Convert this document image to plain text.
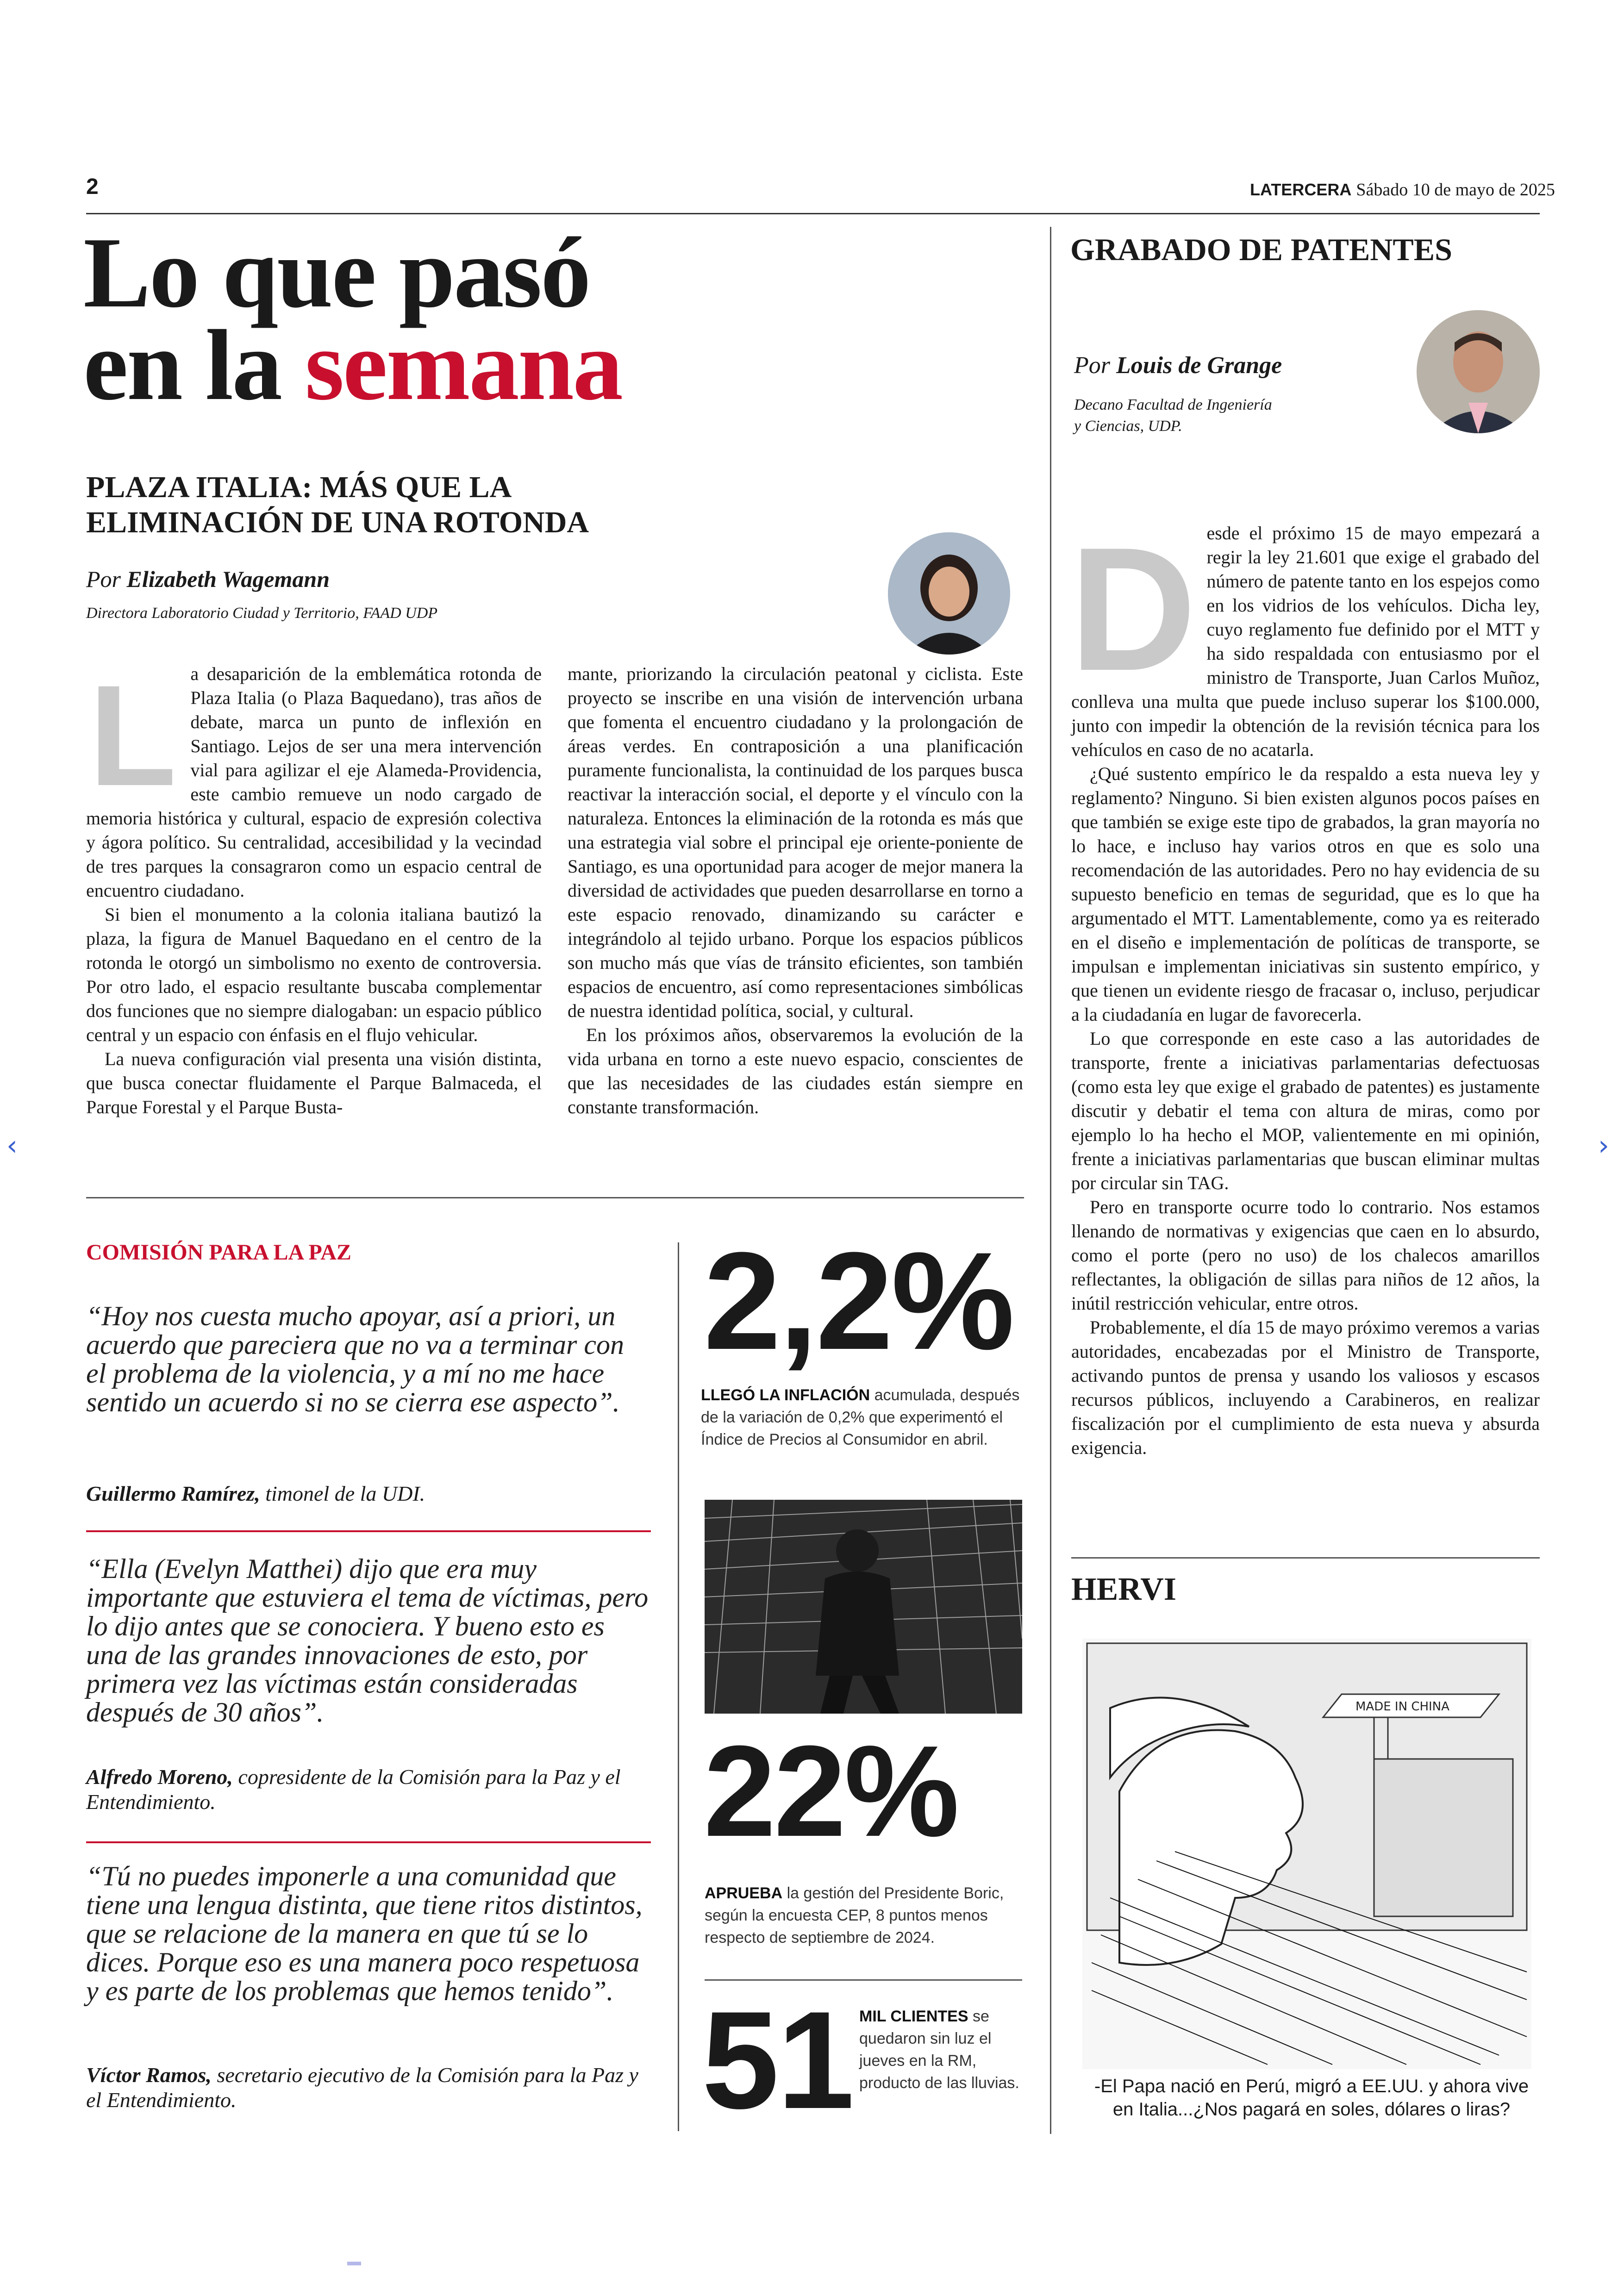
‹	›
2	LATERCERA Sábado 10 de mayo de 2025
Lo que pasó
en la semana
PLAZA ITALIA: MÁS QUE LA
ELIMINACIÓN DE UNA ROTONDA
Por Elizabeth Wagemann
Directora Laboratorio Ciudad y Territorio, FAAD UDP
L a desaparición de la emblemática rotonda de Plaza Italia (o Plaza Baquedano), tras años de debate, marca un punto de inflexión en Santiago. Lejos de ser una mera intervención vial para agilizar el eje Alameda-Providencia, este cambio remueve un nodo cargado de memoria histórica y cultural, espacio de expresión colectiva y ágora político. Su centralidad, accesibilidad y la vecindad de tres parques la consagraron como un espacio central de encuentro ciudadano.

Si bien el monumento a la colonia italiana bautizó la plaza, la figura de Manuel Baquedano en el centro de la rotonda le otorgó un simbolismo no exento de controversia. Por otro lado, el espacio resultante buscaba complementar dos funciones que no siempre dialogaban: un espacio público central y un espacio con énfasis en el flujo vehicular.

La nueva configuración vial presenta una visión distinta, que busca conectar fluidamente el Parque Balmaceda, el Parque Forestal y el Parque Busta-

mante, priorizando la circulación peatonal y ciclista. Este proyecto se inscribe en una visión de intervención urbana que fomenta el encuentro ciudadano y la prolongación de áreas verdes. En contraposición a una planificación puramente funcionalista, la continuidad de los parques busca reactivar la interacción social, el deporte y el vínculo con la naturaleza. Entonces la eliminación de la rotonda es más que una estrategia vial sobre el principal eje oriente-poniente de Santiago, es una oportunidad para acoger de mejor manera la diversidad de actividades que pueden desarrollarse en torno a este espacio renovado, dinamizando su carácter e integrándolo al tejido urbano. Porque los espacios públicos son mucho más que vías de tránsito eficientes, son también espacios de encuentro, así como representaciones simbólicas de nuestra identidad política, social, y cultural.

En los próximos años, observaremos la evolución de la vida urbana en torno a este nuevo espacio, conscientes de que las necesidades de las ciudades están siempre en constante transformación.

COMISIÓN PARA LA PAZ
“Hoy nos cuesta mucho apoyar, así a priori, un acuerdo que pareciera que no va a terminar con el problema de la violencia, y a mí no me hace sentido un acuerdo si no se cierra ese aspecto”.
Guillermo Ramírez, timonel de la UDI.
“Ella (Evelyn Matthei) dijo que era muy importante que estuviera el tema de víctimas, pero lo dijo antes que se conociera. Y bueno esto es una de las grandes innovaciones de esto, por primera vez las víctimas están consideradas después de 30 años”.
Alfredo Moreno, copresidente de la Comisión para la Paz y el Entendimiento.
“Tú no puedes imponerle a una comunidad que tiene una lengua distinta, que tiene ritos distintos, que se relacione de la manera en que tú se lo dices. Porque eso es una manera poco respetuosa y es parte de los problemas que hemos tenido”.
Víctor Ramos, secretario ejecutivo de la Comisión para la Paz y el Entendimiento.
2,2%
LLEGÓ LA INFLACIÓN acumulada, después de la variación de 0,2% que experimentó el Índice de Precios al Consumidor en abril.
22%
APRUEBA la gestión del Presidente Boric, según la encuesta CEP, 8 puntos menos respecto de septiembre de 2024.
51 MIL CLIENTES se quedaron sin luz el jueves en la RM, producto de las lluvias.
GRABADO DE PATENTES
Por Louis de Grange
Decano Facultad de Ingeniería
y Ciencias, UDP.
D esde el próximo 15 de mayo empezará a regir la ley 21.601 que exige el grabado del número de patente tanto en los espejos como en los vidrios de los vehículos. Dicha ley, cuyo reglamento fue definido por el MTT y ha sido respaldada con entusiasmo por el ministro de Transporte, Juan Carlos Muñoz, conlleva una multa que puede incluso superar los $100.000, junto con impedir la obtención de la revisión técnica para los vehículos en caso de no acatarla.

¿Qué sustento empírico le da respaldo a esta nueva ley y reglamento? Ninguno. Si bien existen algunos pocos países en que también se exige este tipo de grabados, la gran mayoría no lo hace, e incluso hay varios otros en que es solo una recomendación de las autoridades. Pero no hay evidencia de su supuesto beneficio en temas de seguridad, que es lo que ha argumentado el MTT. Lamentablemente, como ya es reiterado en el diseño e implementación de políticas de transporte, se impulsan e implementan iniciativas sin sustento empírico, y que tienen un evidente riesgo de fracasar o, incluso, perjudicar a la ciudadanía en lugar de favorecerla.

Lo que corresponde en este caso a las autoridades de transporte, frente a iniciativas parlamentarias defectuosas (como esta ley que exige el grabado de patentes) es justamente discutir y debatir el tema con altura de miras, como por ejemplo lo ha hecho el MOP, valientemente en mi opinión, frente a iniciativas parlamentarias que buscan eliminar multas por circular sin TAG.

Pero en transporte ocurre todo lo contrario. Nos estamos llenando de normativas y exigencias que caen en lo absurdo, como el porte (pero no uso) de los chalecos amarillos reflectantes, la obligación de sillas para niños de 12 años, la inútil restricción vehicular, entre otros.

Probablemente, el día 15 de mayo próximo veremos a varias autoridades, encabezadas por el Ministro de Transporte, activando puntos de prensa y usando los valiosos y escasos recursos públicos, incluyendo a Carabineros, en realizar fiscalización por el cumplimiento de esta nueva y absurda exigencia.

HERVI
MADE IN CHINA
-El Papa nació en Perú, migró a EE.UU. y ahora vive
en Italia...¿Nos pagará en soles, dólares o liras?
